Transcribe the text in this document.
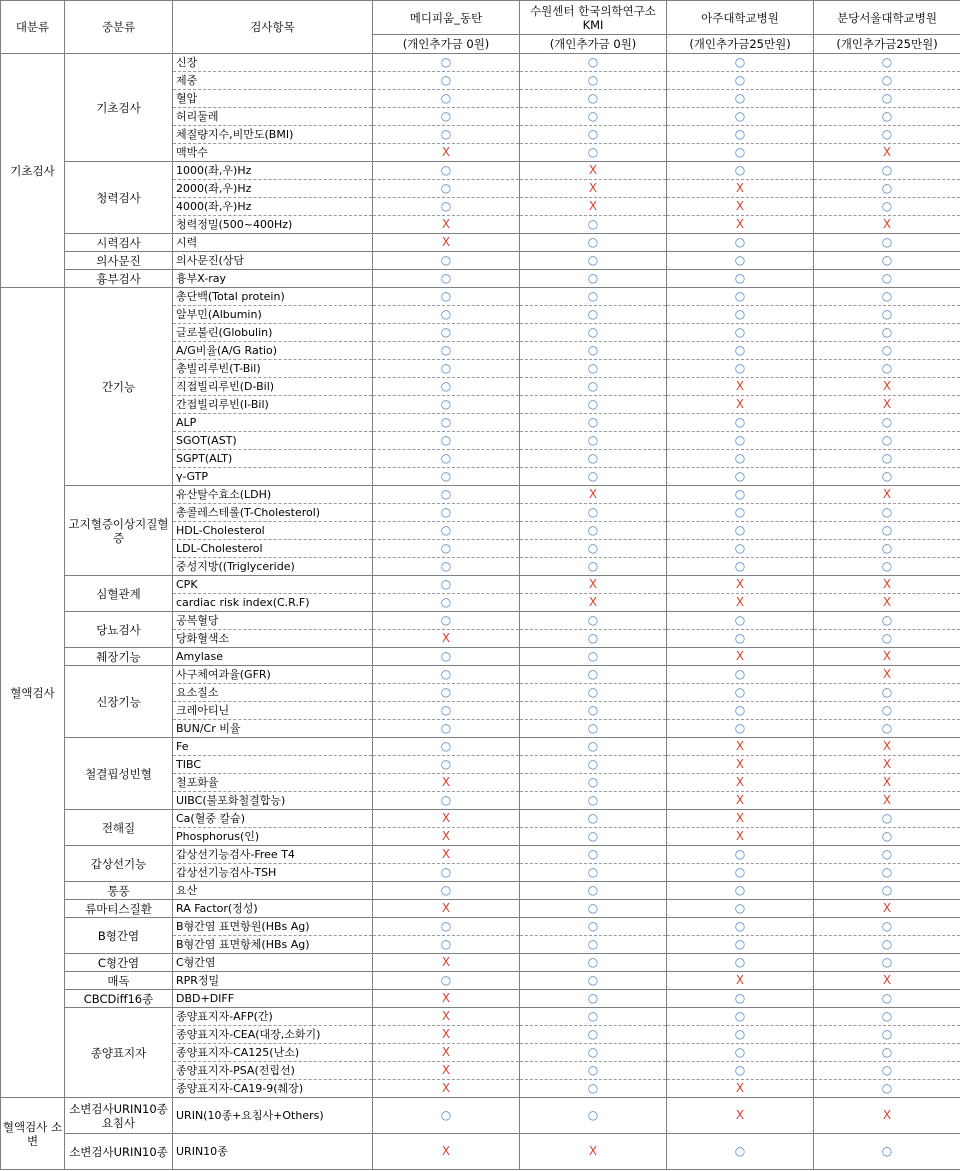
대분류	중분류	검사항목	메디피움_동탄	수원센터 한국의학연구소 KMI	아주대학교병원	분당서울대학교병원
			(개인추가금 0원)	(개인추가금 0원)	(개인추가금25만원)	(개인추가금25만원)
기초검사	기초검사	신장	○	○	○	○
		제중	○	○	○	○
		혈압	○	○	○	○
		허리둘레	○	○	○	○
		체질량지수,비만도(BMI)	○	○	○	○
		맥박수	X	○	○	X
	청력검사	1000(좌,우)Hz	○	X	○	○
		2000(좌,우)Hz	○	X	X	○
		4000(좌,우)Hz	○	X	X	○
		청력정밀(500~400Hz)	X	○	X	X
	시력검사	시력	X	○	○	○
	의사문진	의사문진(상담	○	○	○	○
	흉부검사	흉부X-ray	○	○	○	○
혈액검사	간기능	총단백(Total protein)	○	○	○	○
		알부민(Albumin)	○	○	○	○
		글로불린(Globulin)	○	○	○	○
		A/G비율(A/G Ratio)	○	○	○	○
		총빌리루빈(T-Bil)	○	○	○	○
		직접빌리루빈(D-Bil)	○	○	X	X
		간접빌리루빈(I-Bil)	○	○	X	X
		ALP	○	○	○	○
		SGOT(AST)	○	○	○	○
		SGPT(ALT)	○	○	○	○
		γ-GTP	○	○	○	○
	고지혈증이상지질혈증	유산탈수효소(LDH)	○	X	○	X
		총콜레스테롤(T-Cholesterol)	○	○	○	○
		HDL-Cholesterol	○	○	○	○
		LDL-Cholesterol	○	○	○	○
		중성지방((Triglyceride)	○	○	○	○
	심혈관계	CPK	○	X	X	X
		cardiac risk index(C.R.F)	○	X	X	X
	당뇨검사	공복혈당	○	○	○	○
		당화혈색소	X	○	○	○
	췌장기능	Amylase	○	○	X	X
	신장기능	사구체여과율(GFR)	○	○	○	X
		요소질소	○	○	○	○
		크레아티닌	○	○	○	○
		BUN/Cr 비율	○	○	○	○
	철결핍성빈혈	Fe	○	○	X	X
		TIBC	○	○	X	X
		철포화율	X	○	X	X
		UIBC(불포화철결합능)	○	○	X	X
	전해질	Ca(혈중 칼슘)	X	○	X	○
		Phosphorus(인)	X	○	X	○
	갑상선기능	갑상선기능검사-Free T4	X	○	○	○
		갑상선기능검사-TSH	○	○	○	○
	통풍	요산	○	○	○	○
	류마티스질환	RA Factor(정성)	X	○	○	X
	B형간염	B형간염 표면항원(HBs Ag)	○	○	○	○
		B형간염 표면항체(HBs Ag)	○	○	○	○
	C형간염	C형간염	X	○	○	○
	매독	RPR정밀	○	○	X	X
	CBCDiff16종	DBD+DIFF	X	○	○	○
	종양표지자	종양표지자-AFP(간)	X	○	○	○
		종양표지자-CEA(대장,소화기)	X	○	○	○
		종양표지자-CA125(난소)	X	○	○	○
		종양표지자-PSA(전립선)	X	○	○	○
		종양표지자-CA19-9(췌장)	X	○	X	○
혈액검사 소변	소변검사URIN10종요침사	URIN(10종+요침사+Others)	○	○	X	X
	소변검사URIN10종	URIN10종	X	X	○	○
